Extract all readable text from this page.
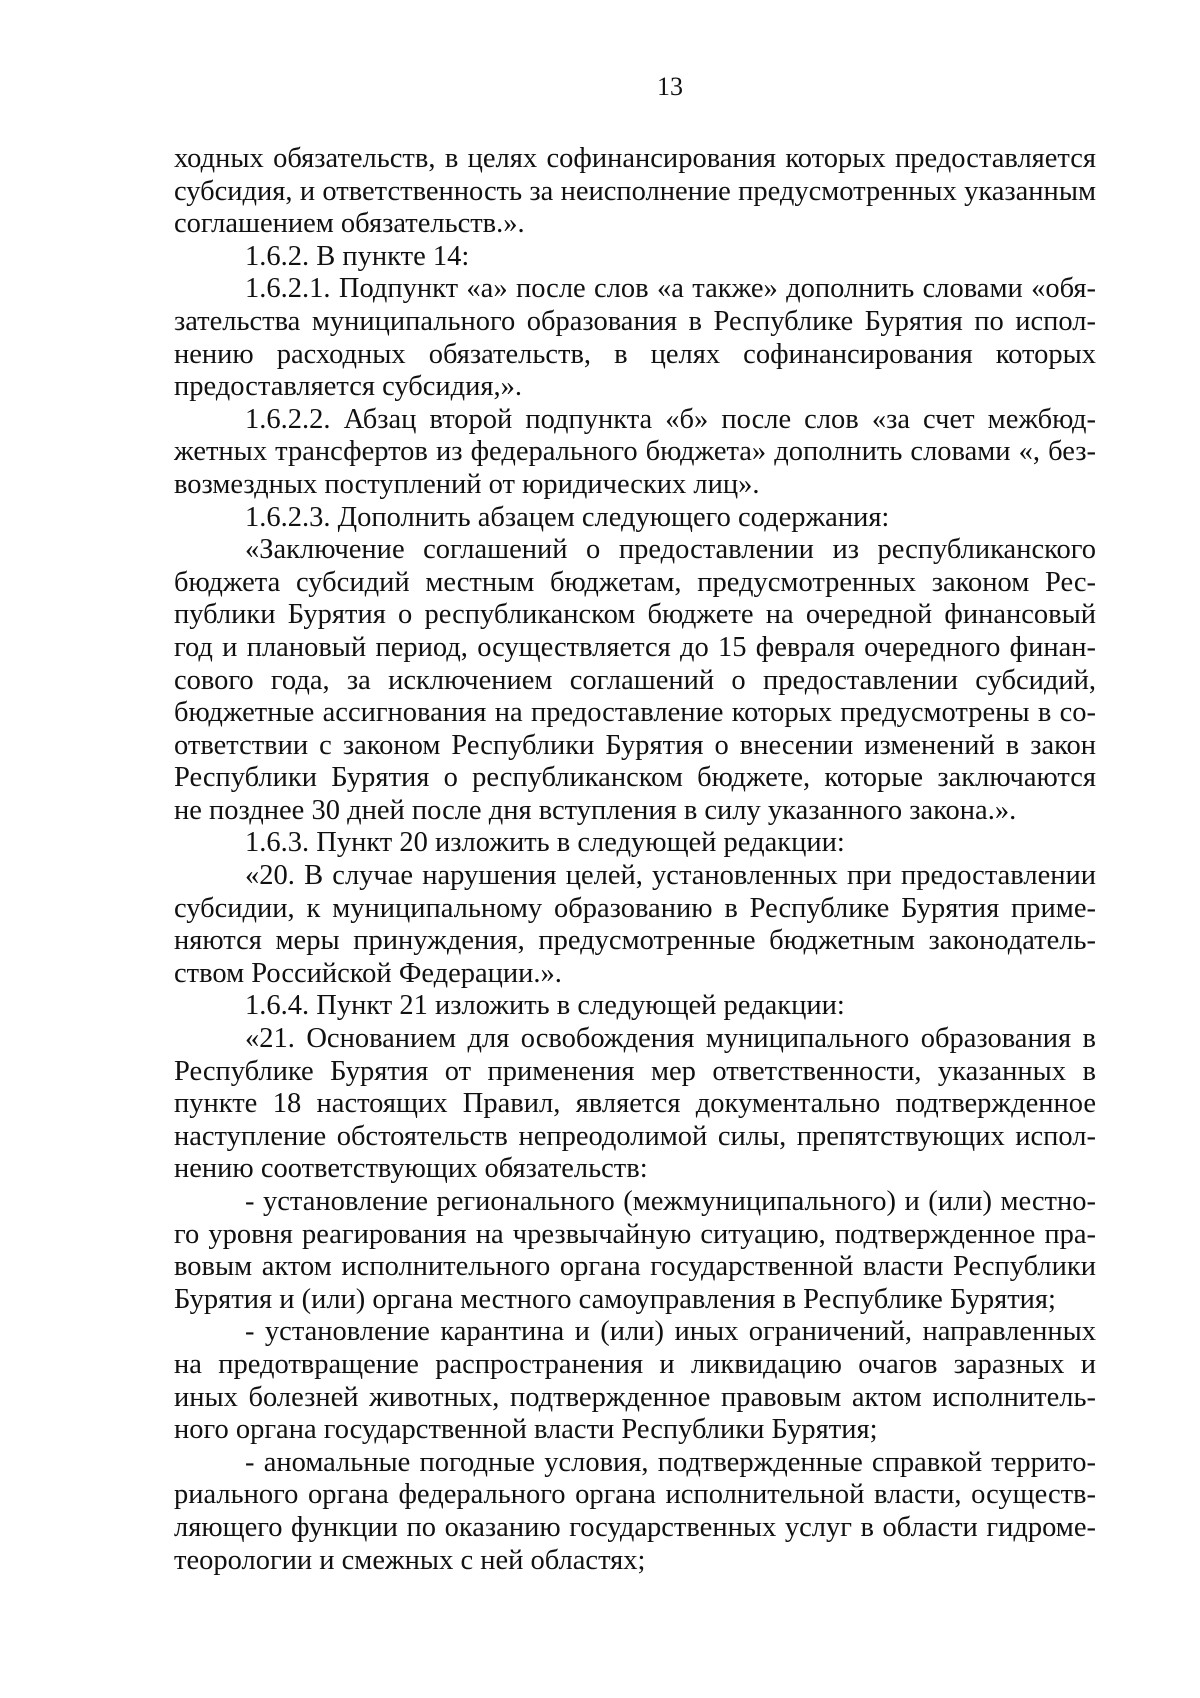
13
ходных обязательств, в целях софинансирования которых предоставляется
субсидия, и ответственность за неисполнение предусмотренных указанным
соглашением обязательств.».
1.6.2. В пункте 14:
1.6.2.1. Подпункт «а» после слов «а также» дополнить словами «обя-
зательства муниципального образования в Республике Бурятия по испол-
нению расходных обязательств, в целях софинансирования которых
предоставляется субсидия,».
1.6.2.2. Абзац второй подпункта «б» после слов «за счет межбюд-
жетных трансфертов из федерального бюджета» дополнить словами «, без-
возмездных поступлений от юридических лиц».
1.6.2.3. Дополнить абзацем следующего содержания:
«Заключение соглашений о предоставлении из республиканского
бюджета субсидий местным бюджетам, предусмотренных законом Рес-
публики Бурятия о республиканском бюджете на очередной финансовый
год и плановый период, осуществляется до 15 февраля очередного финан-
сового года, за исключением соглашений о предоставлении субсидий,
бюджетные ассигнования на предоставление которых предусмотрены в со-
ответствии с законом Республики Бурятия о внесении изменений в закон
Республики Бурятия о республиканском бюджете, которые заключаются
не позднее 30 дней после дня вступления в силу указанного закона.».
1.6.3. Пункт 20 изложить в следующей редакции:
«20. В случае нарушения целей, установленных при предоставлении
субсидии, к муниципальному образованию в Республике Бурятия приме-
няются меры принуждения, предусмотренные бюджетным законодатель-
ством Российской Федерации.».
1.6.4. Пункт 21 изложить в следующей редакции:
«21. Основанием для освобождения муниципального образования в
Республике Бурятия от применения мер ответственности, указанных в
пункте 18 настоящих Правил, является документально подтвержденное
наступление обстоятельств непреодолимой силы, препятствующих испол-
нению соответствующих обязательств:
- установление регионального (межмуниципального) и (или) местно-
го уровня реагирования на чрезвычайную ситуацию, подтвержденное пра-
вовым актом исполнительного органа государственной власти Республики
Бурятия и (или) органа местного самоуправления в Республике Бурятия;
- установление карантина и (или) иных ограничений, направленных
на предотвращение распространения и ликвидацию очагов заразных и
иных болезней животных, подтвержденное правовым актом исполнитель-
ного органа государственной власти Республики Бурятия;
- аномальные погодные условия, подтвержденные справкой террито-
риального органа федерального органа исполнительной власти, осуществ-
ляющего функции по оказанию государственных услуг в области гидроме-
теорологии и смежных с ней областях;
